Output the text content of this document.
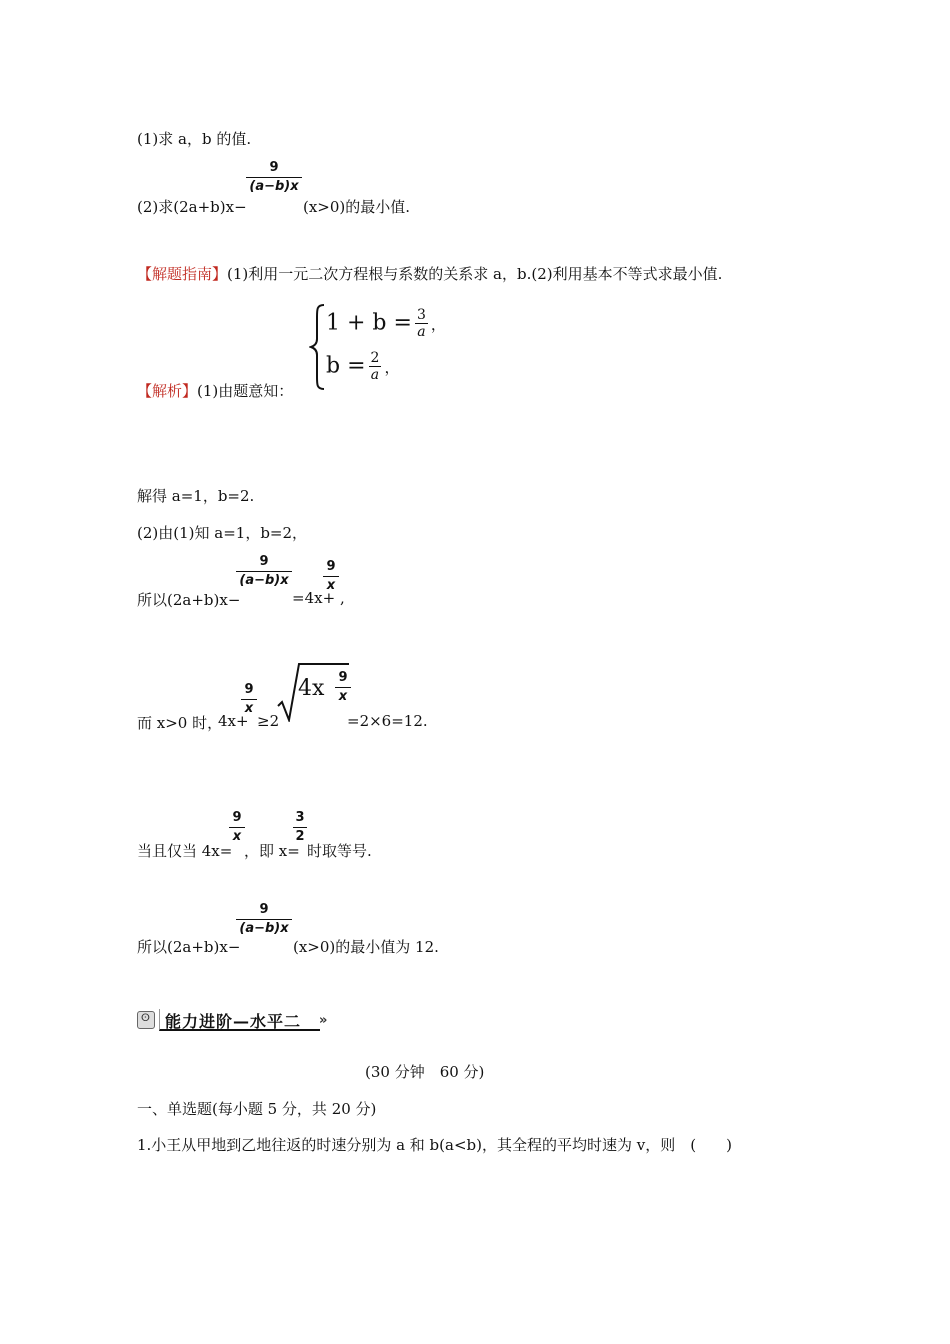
(1)求 a，b 的值.
(2)求(2a+b)x−
9
(a−b)x
(x>0)的最小值.
【解题指南】(1)利用一元二次方程根与系数的关系求 a，b.(2)利用基本不等式求最小值.
【解析】(1)由题意知：
$1 + b = \frac{3}{a}$ ，
$b = \frac{2}{a}$ ，
解得 a=1，b=2.
(2)由(1)知 a=1，b=2，
所以(2a+b)x−
9
(a−b)x
=4x+
9
x
,
而 x>0 时，
4x+
9
x
≥2
4x 9
x
=2×6=12.
当且仅当 4x=
9
x
，即 x=
3
2
时取等号.
所以(2a+b)x−
9
(a−b)x
(x>0)的最小值为 12.
ⵙ 能力进阶—水平二 »
(30 分钟　60 分)
一、单选题(每小题 5 分，共 20 分)
1.小王从甲地到乙地往返的时速分别为 a 和 b(a<b)，其全程的平均时速为 v，则　(　　)
